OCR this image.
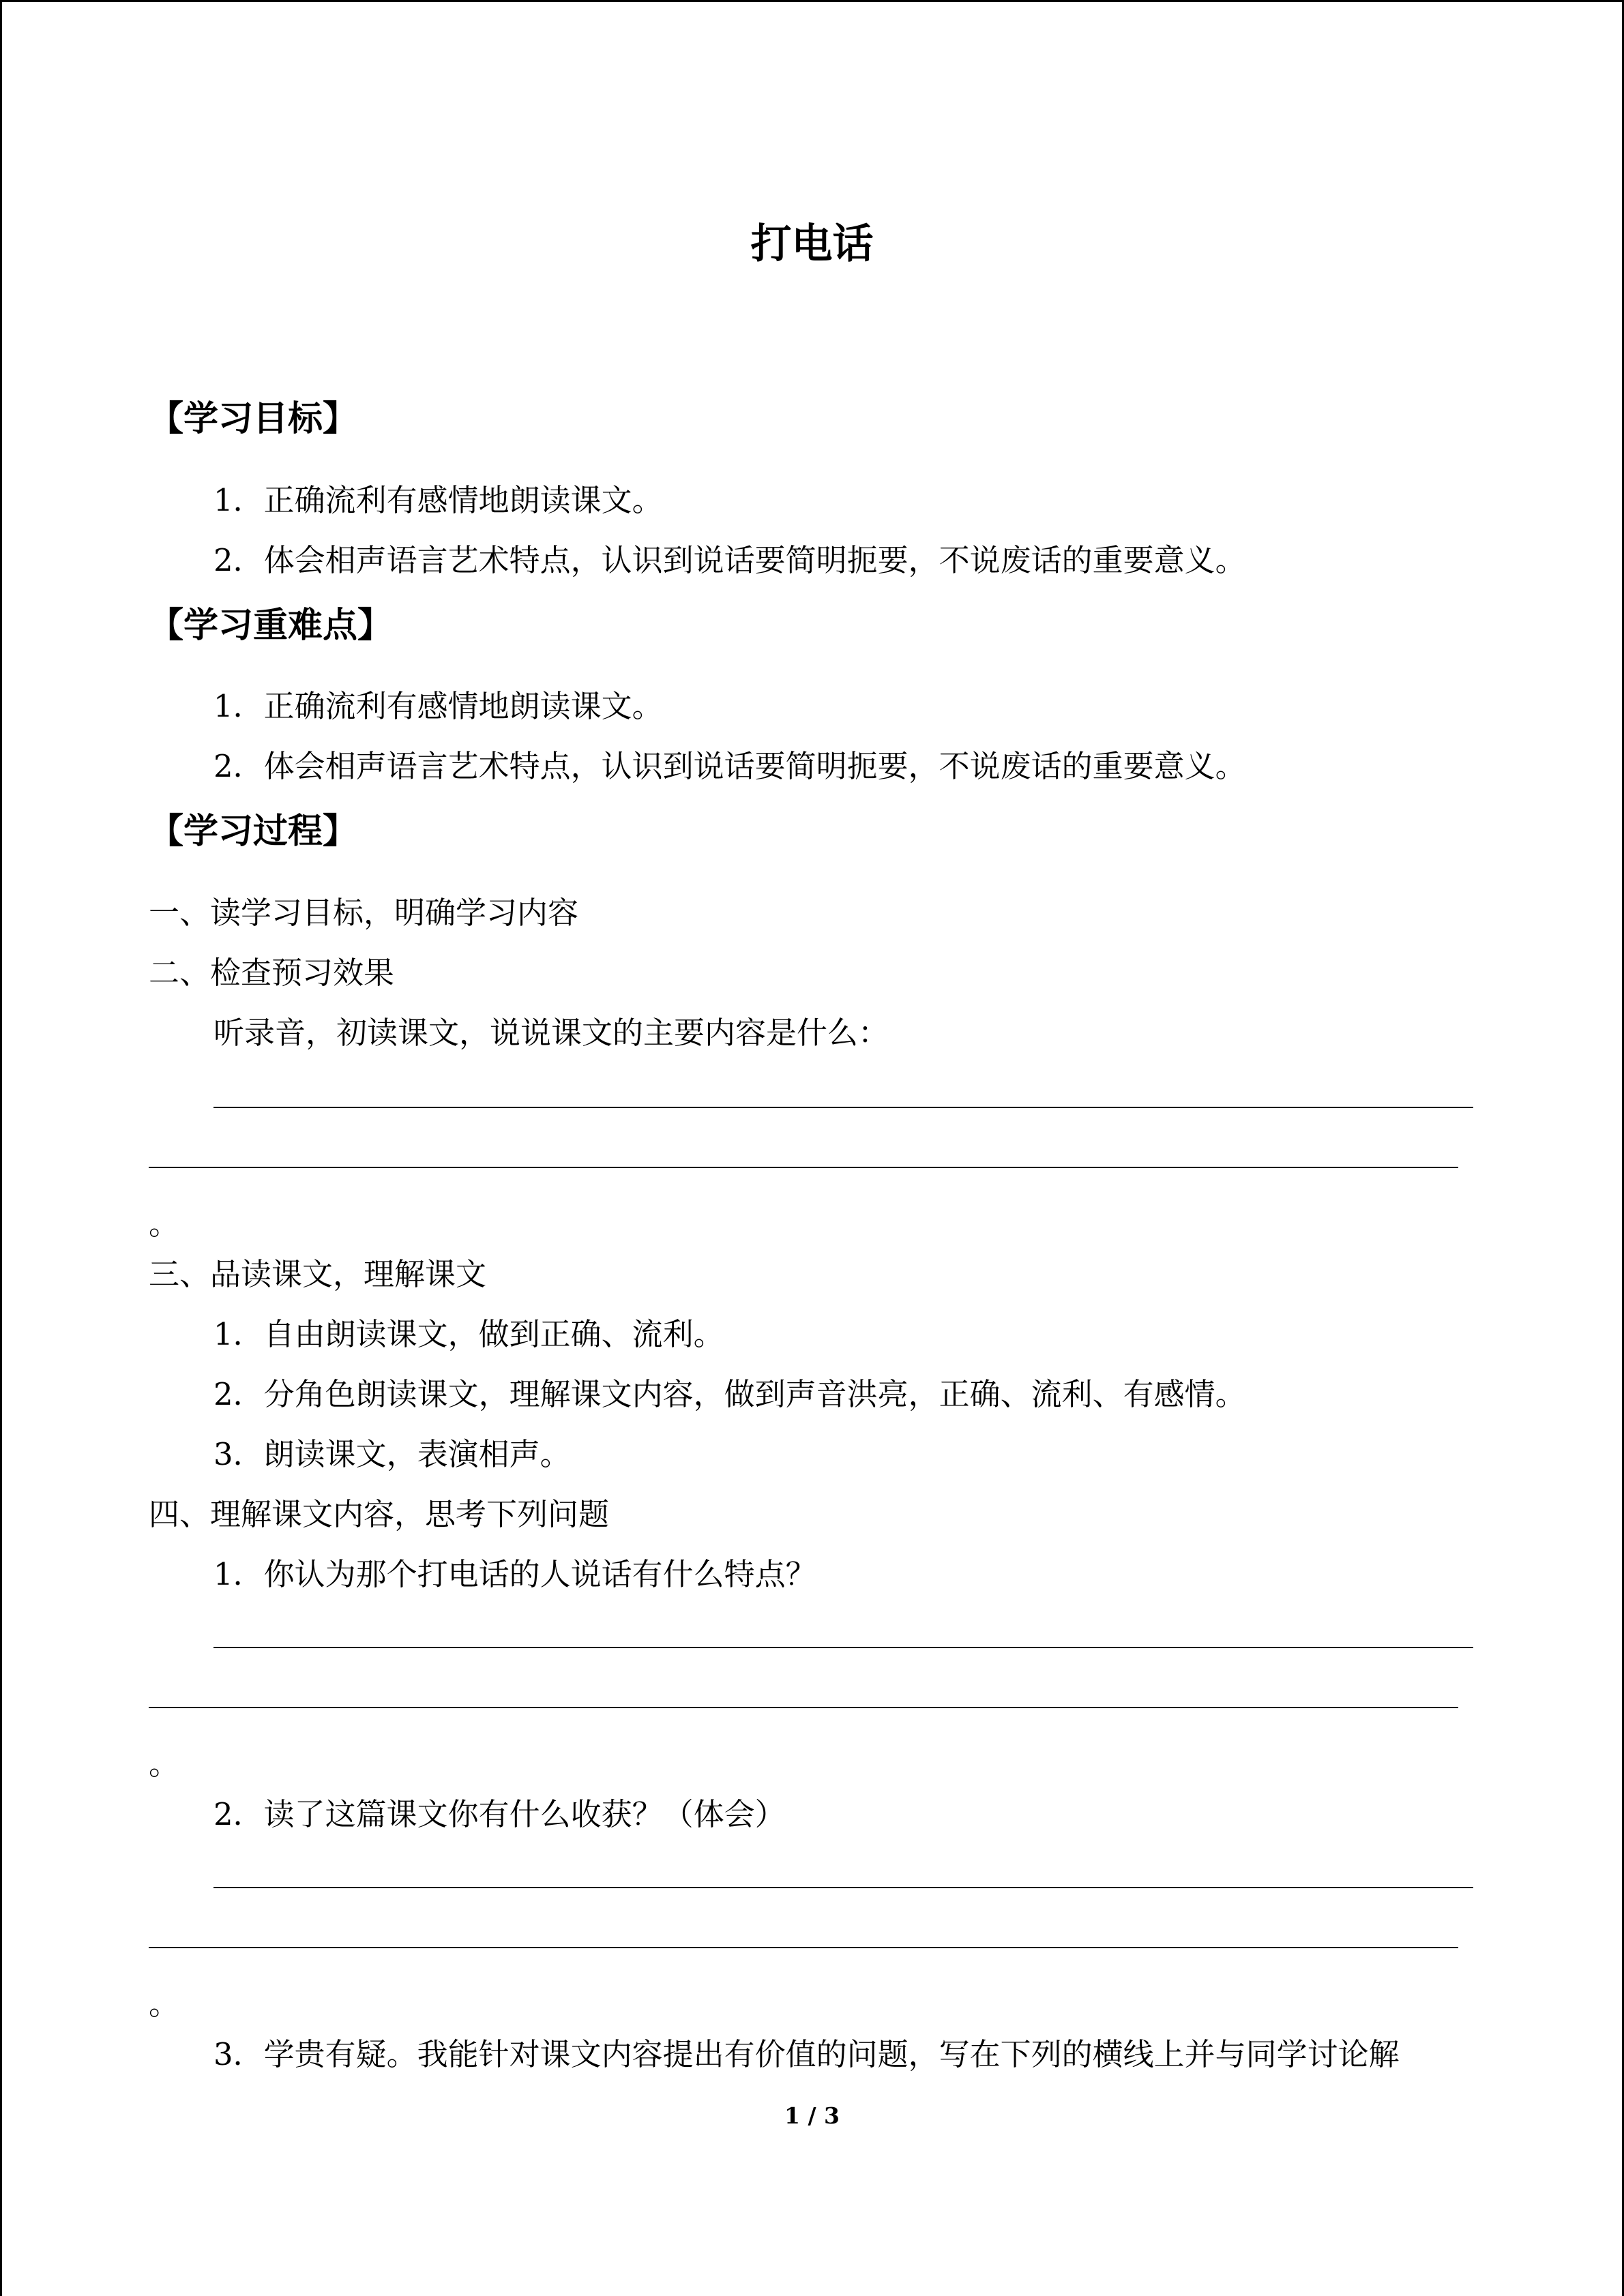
打电话
【学习目标】
1．正确流利有感情地朗读课文。
2．体会相声语言艺术特点，认识到说话要简明扼要，不说废话的重要意义。
【学习重难点】
1．正确流利有感情地朗读课文。
2．体会相声语言艺术特点，认识到说话要简明扼要，不说废话的重要意义。
【学习过程】
一、读学习目标，明确学习内容
二、检查预习效果
听录音，初读课文，说说课文的主要内容是什么：
。
三、品读课文，理解课文
1．自由朗读课文，做到正确、流利。
2．分角色朗读课文，理解课文内容，做到声音洪亮，正确、流利、有感情。
3．朗读课文，表演相声。
四、理解课文内容，思考下列问题
1．你认为那个打电话的人说话有什么特点？
。
2．读了这篇课文你有什么收获？（体会）
。
3．学贵有疑。我能针对课文内容提出有价值的问题，写在下列的横线上并与同学讨论解
1 / 3
